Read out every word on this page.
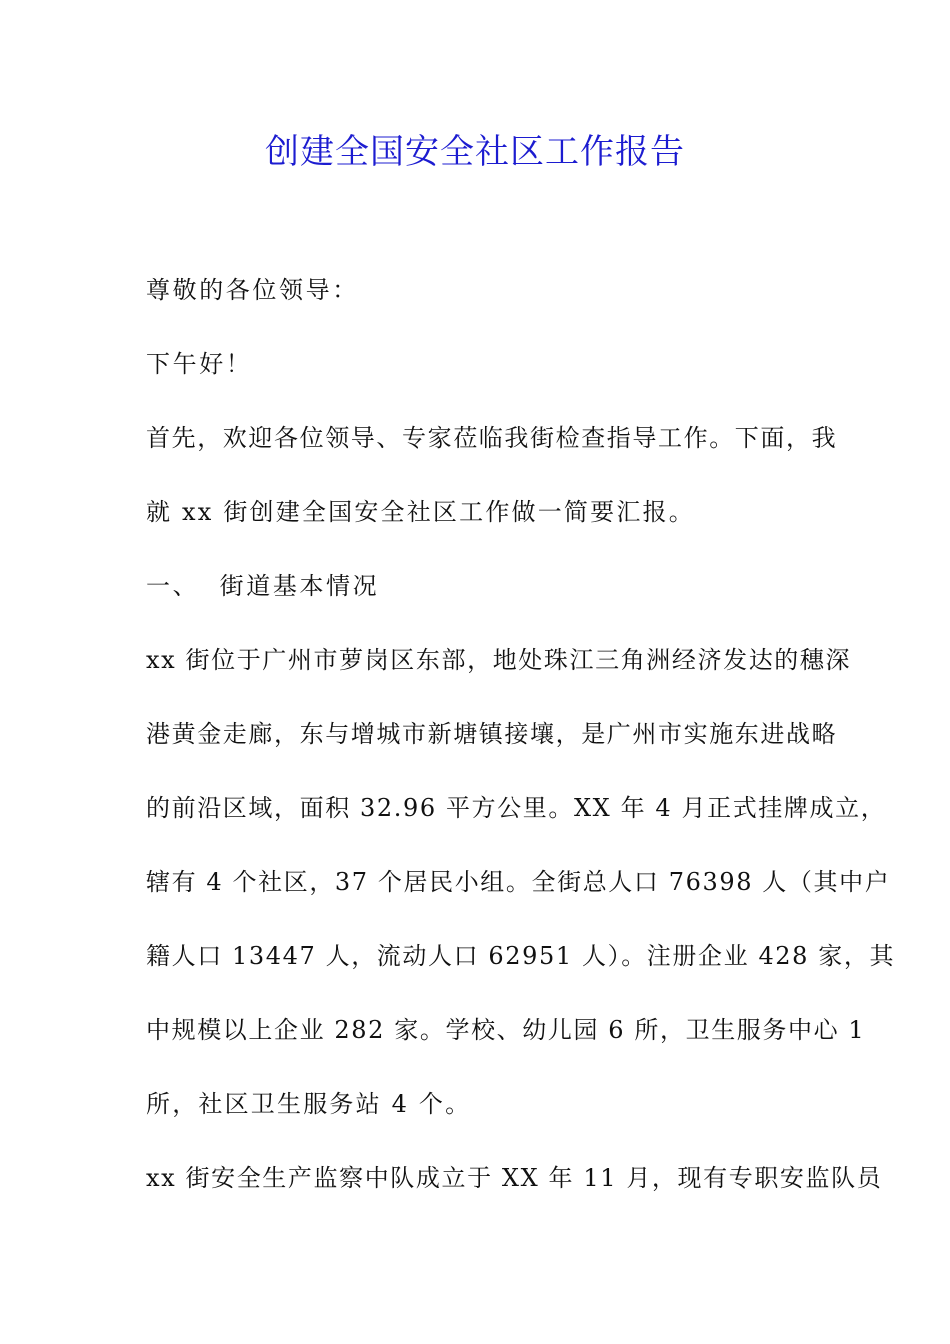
创建全国安全社区工作报告
尊敬的各位领导：
下午好！
首先，欢迎各位领导、专家莅临我街检查指导工作。下面，我
就 xx 街创建全国安全社区工作做一简要汇报。
一、  街道基本情况
xx 街位于广州市萝岗区东部，地处珠江三角洲经济发达的穗深
港黄金走廊，东与增城市新塘镇接壤，是广州市实施东进战略
的前沿区域，面积 32.96 平方公里。XX 年 4 月正式挂牌成立，
辖有 4 个社区，37 个居民小组。全街总人口 76398 人（其中户
籍人口 13447 人，流动人口 62951 人）。注册企业 428 家，其
中规模以上企业 282 家。学校、幼儿园 6 所，卫生服务中心 1
所，社区卫生服务站 4 个。
xx 街安全生产监察中队成立于 XX 年 11 月，现有专职安监队员
